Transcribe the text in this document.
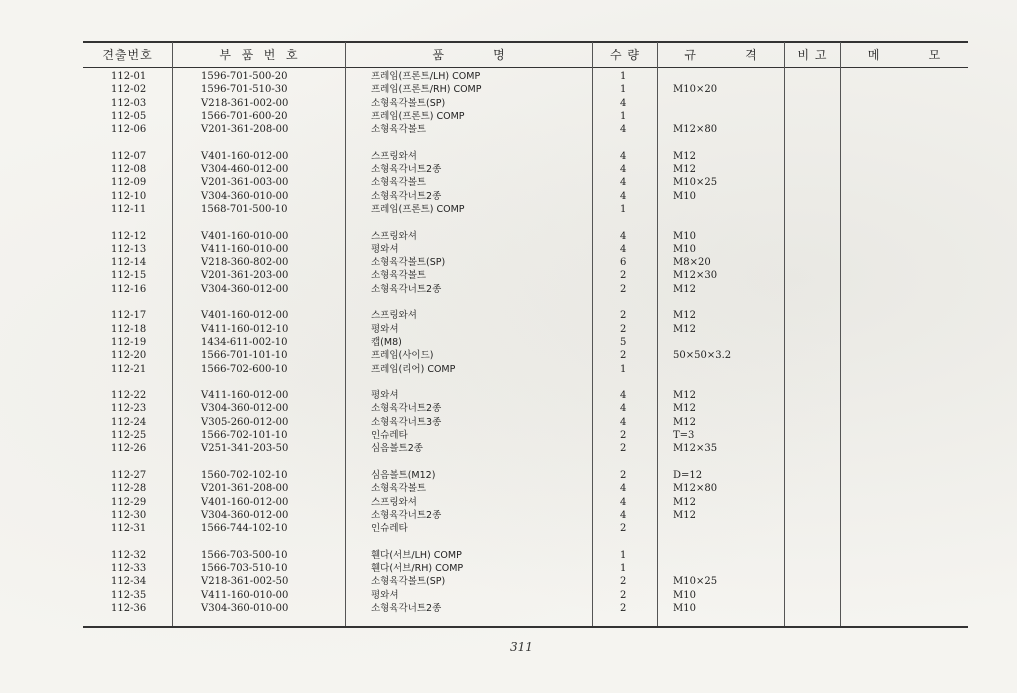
견출번호	부  품  번  호	품          명	수 량	규          격	비 고	메          모
112-01	1596-701-500-20	프레임(프론트/LH) COMP	1
112-02	1596-701-510-30	프레임(프론트/RH) COMP	1	M10×20
112-03	V218-361-002-00	소형육각볼트(SP)	4
112-05	1566-701-600-20	프레임(프론트) COMP	1
112-06	V201-361-208-00	소형육각볼트	4	M12×80
112-07	V401-160-012-00	스프링와셔	4	M12
112-08	V304-460-012-00	소형육각너트2종	4	M12
112-09	V201-361-003-00	소형육각볼트	4	M10×25
112-10	V304-360-010-00	소형육각너트2종	4	M10
112-11	1568-701-500-10	프레임(프론트) COMP	1
112-12	V401-160-010-00	스프링와셔	4	M10
112-13	V411-160-010-00	평와셔	4	M10
112-14	V218-360-802-00	소형육각볼트(SP)	6	M8×20
112-15	V201-361-203-00	소형육각볼트	2	M12×30
112-16	V304-360-012-00	소형육각너트2종	2	M12
112-17	V401-160-012-00	스프링와셔	2	M12
112-18	V411-160-012-10	평와셔	2	M12
112-19	1434-611-002-10	캡(M8)	5
112-20	1566-701-101-10	프레임(사이드)	2	50×50×3.2
112-21	1566-702-600-10	프레임(리어) COMP	1
112-22	V411-160-012-00	평와셔	4	M12
112-23	V304-360-012-00	소형육각너트2종	4	M12
112-24	V305-260-012-00	소형육각너트3종	4	M12
112-25	1566-702-101-10	인슈레타	2	T=3
112-26	V251-341-203-50	심음볼트2종	2	M12×35
112-27	1560-702-102-10	심음볼트(M12)	2	D=12
112-28	V201-361-208-00	소형육각볼트	4	M12×80
112-29	V401-160-012-00	스프링와셔	4	M12
112-30	V304-360-012-00	소형육각너트2종	4	M12
112-31	1566-744-102-10	인슈레타	2
112-32	1566-703-500-10	휀다(서브/LH) COMP	1
112-33	1566-703-510-10	휀다(서브/RH) COMP	1
112-34	V218-361-002-50	소형육각볼트(SP)	2	M10×25
112-35	V411-160-010-00	평와셔	2	M10
112-36	V304-360-010-00	소형육각너트2종	2	M10
311
